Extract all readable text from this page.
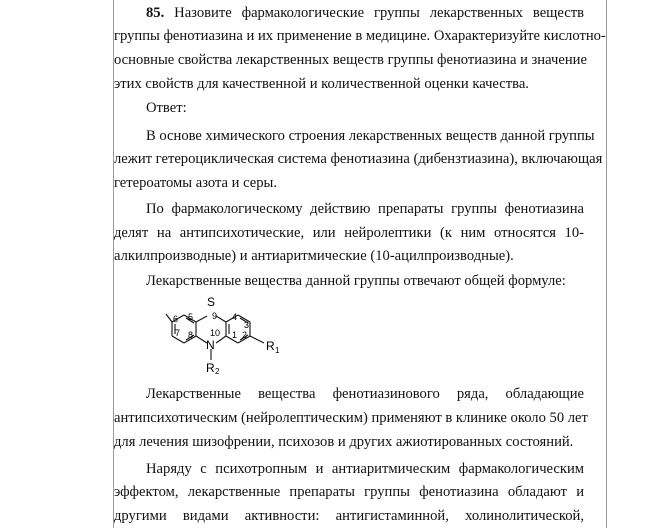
85. Назовите фармакологические группы лекарственных веществ
группы фенотиазина и их применение в медицине. Охарактеризуйте кислотно-
основные свойства лекарственных веществ группы фенотиазина и значение
этих свойств для качественной и количественной оценки качества.
Ответ:
В основе химического строения лекарственных веществ данной группы
лежит гетероциклическая система фенотиазина (дибензтиазина), включающая
гетероатомы азота и серы.
По фармакологическому действию препараты группы фенотиазина
делят на антипсихотические, или нейролептики (к ним относятся 10-
алкилпроизводные) и антиаритмические (10-ацилпроизводные).
Лекарственные вещества данной группы отвечают общей формуле:
S
N
9
10
6 5
7 8
4
3
2
1
R 1
R 2
Лекарственные вещества фенотиазинового ряда, обладающие
антипсихотическим (нейролептическим) применяют в клинике около 50 лет
для лечения шизофрении, психозов и других ажиотированных состояний.
Наряду с психотропным и антиаритмическим фармакологическим
эффектом, лекарственные препараты группы фенотиазина обладают и
другими видами активности: антигистаминной, холинолитической,
